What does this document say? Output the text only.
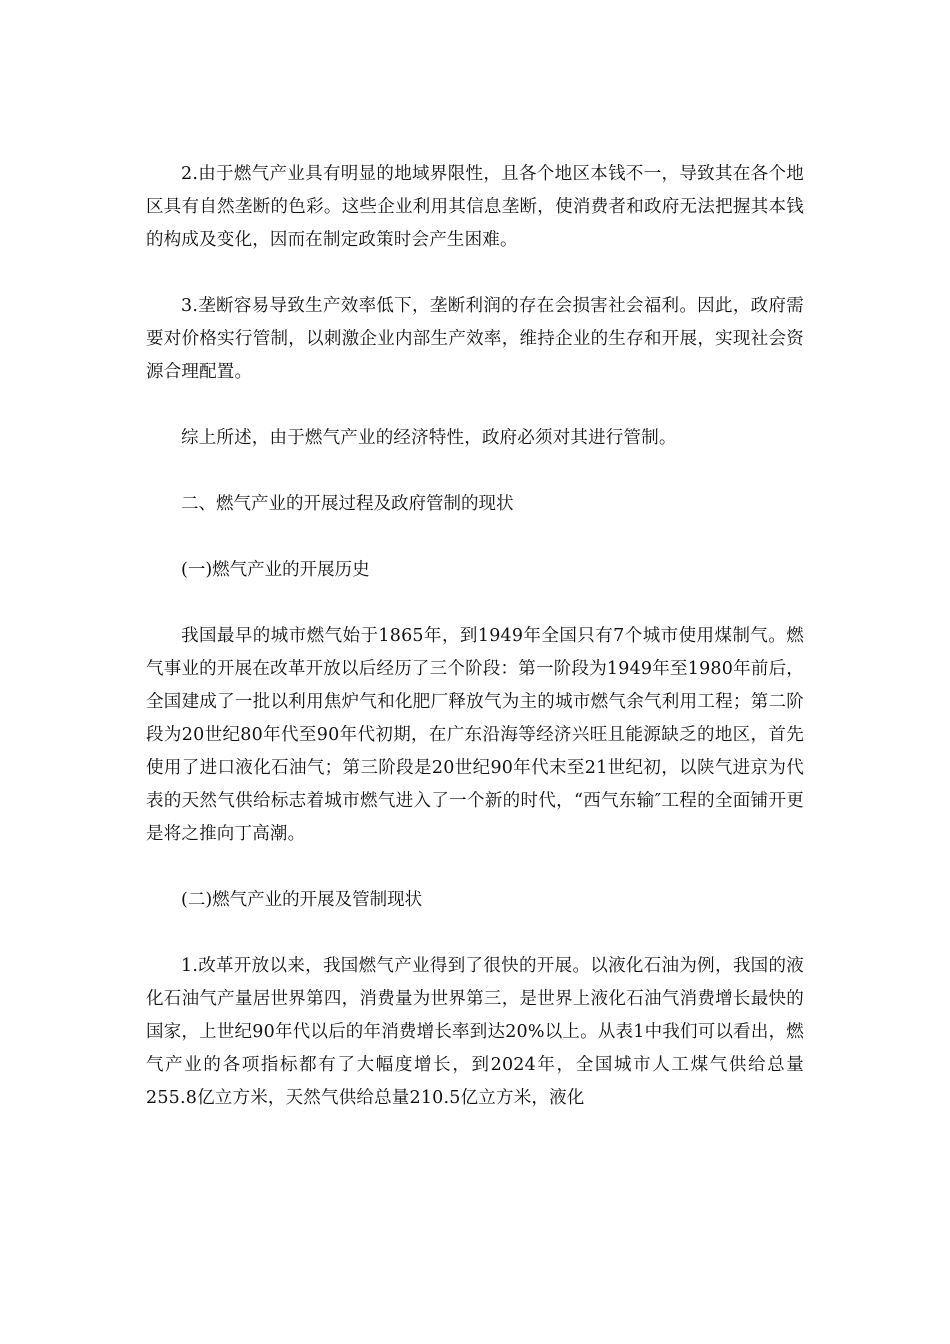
2.由于燃气产业具有明显的地域界限性，且各个地区本钱不一，导致其在各个地区具有自然垄断的色彩。这些企业利用其信息垄断，使消费者和政府无法把握其本钱的构成及变化，因而在制定政策时会产生困难。

3.垄断容易导致生产效率低下，垄断利润的存在会损害社会福利。因此，政府需要对价格实行管制，以刺激企业内部生产效率，维持企业的生存和开展，实现社会资源合理配置。

综上所述，由于燃气产业的经济特性，政府必须对其进行管制。

二、燃气产业的开展过程及政府管制的现状

(一)燃气产业的开展历史

我国最早的城市燃气始于1865年，到1949年全国只有7个城市使用煤制气。燃气事业的开展在改革开放以后经历了三个阶段：第一阶段为1949年至1980年前后，全国建成了一批以利用焦炉气和化肥厂释放气为主的城市燃气余气利用工程；第二阶段为20世纪80年代至90年代初期，在广东沿海等经济兴旺且能源缺乏的地区，首先使用了进口液化石油气；第三阶段是20世纪90年代末至21世纪初，以陕气进京为代表的天然气供给标志着城市燃气进入了一个新的时代，“西气东输″工程的全面铺开更是将之推向丁高潮。

(二)燃气产业的开展及管制现状

1.改革开放以来，我国燃气产业得到了很快的开展。以液化石油为例，我国的液化石油气产量居世界第四，消费量为世界第三，是世界上液化石油气消费增长最快的国家，上世纪90年代以后的年消费增长率到达20%以上。从表1中我们可以看出，燃气产业的各项指标都有了大幅度增长，到2024年，全国城市人工煤气供给总量255.8亿立方米，天然气供给总量210.5亿立方米，液化
